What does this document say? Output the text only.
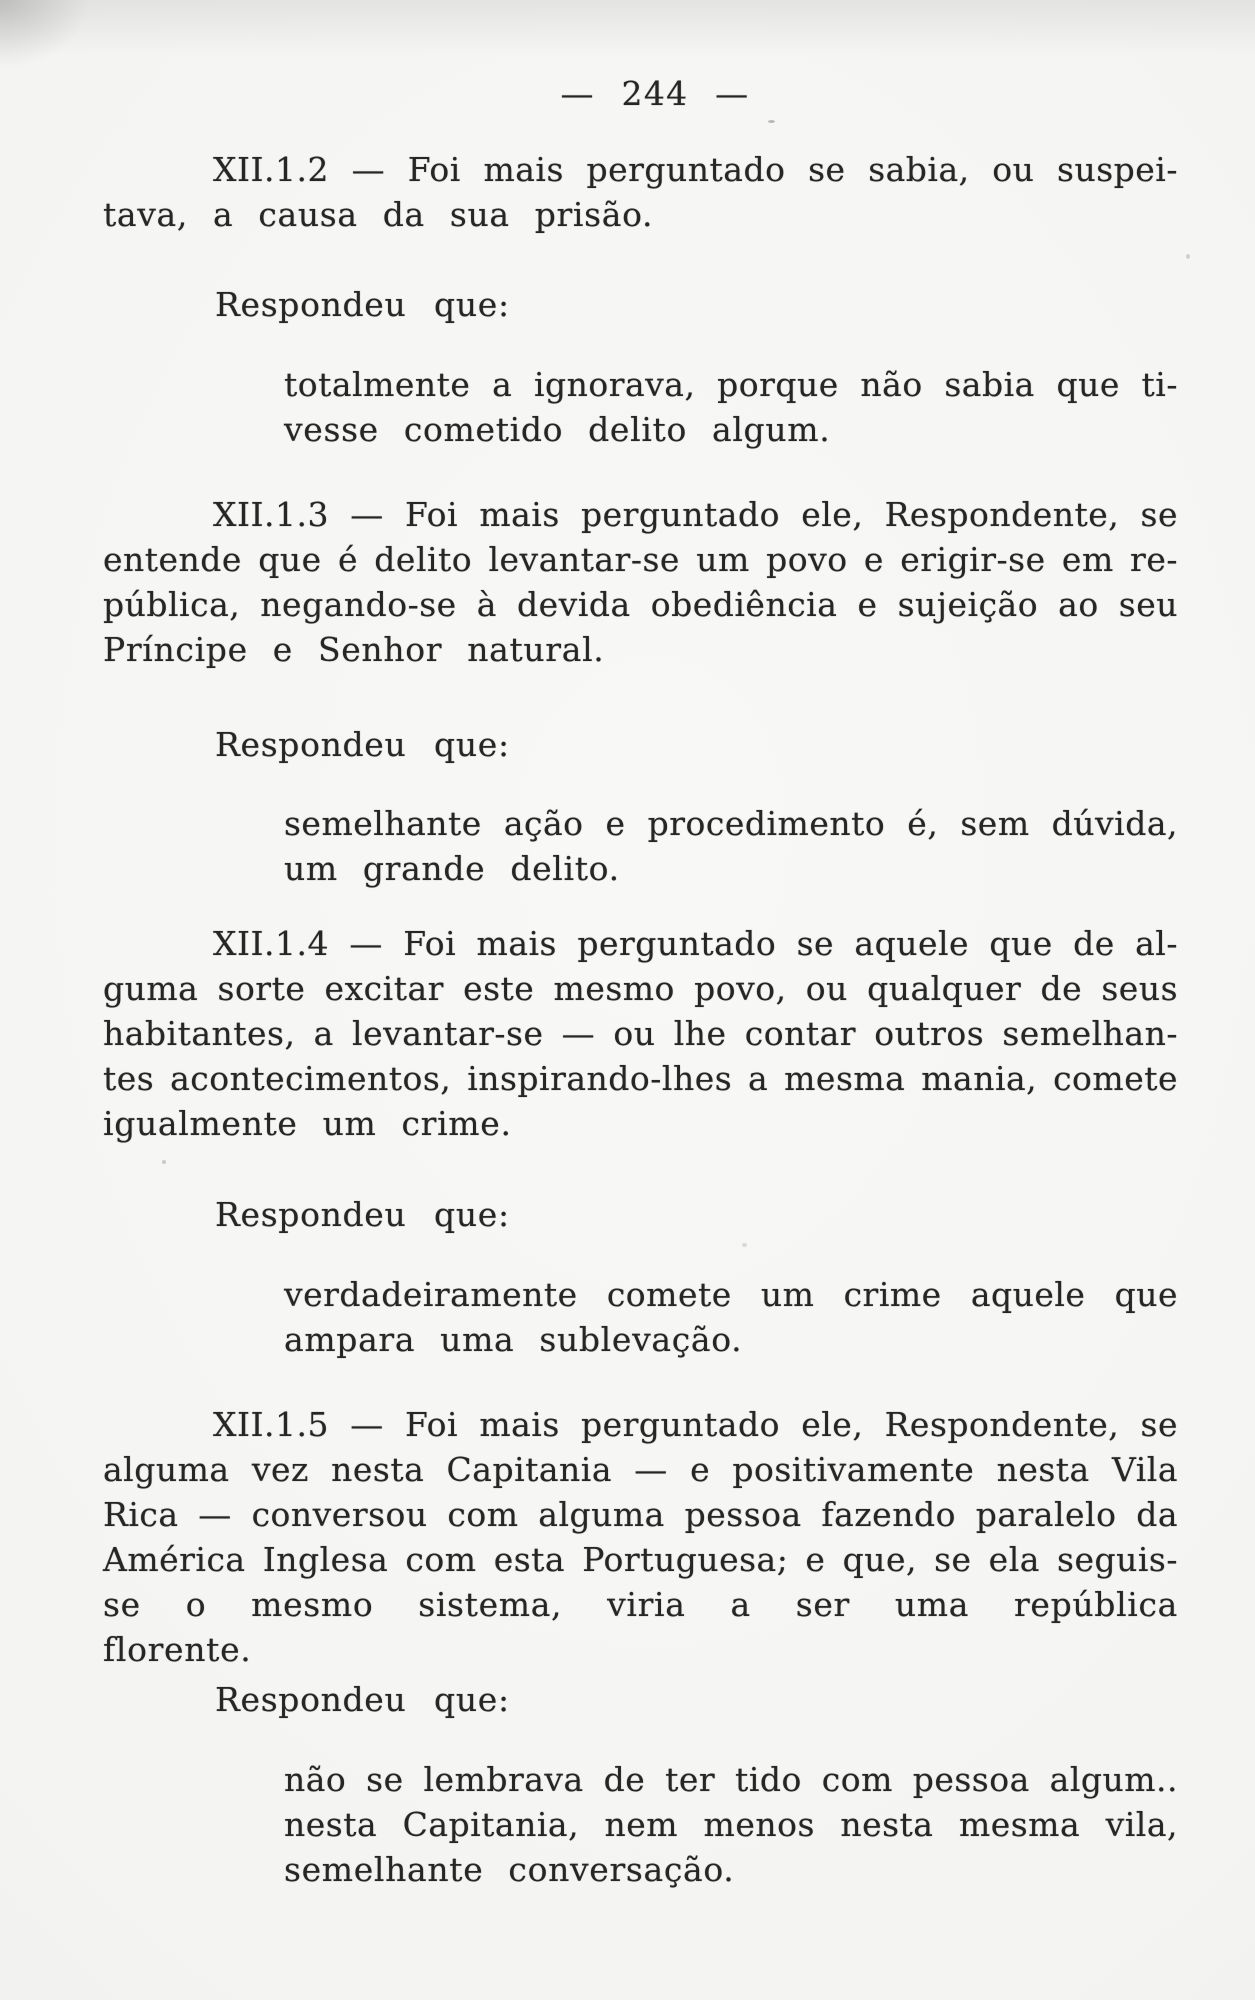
— 244 —
XII.1.2 — Foi mais perguntado se sabia, ou suspei-
tava, a causa da sua prisão.
Respondeu que:
totalmente a ignorava, porque não sabia que ti-
vesse cometido delito algum.
XII.1.3 — Foi mais perguntado ele, Respondente, se
entende que é delito levantar-se um povo e erigir-se em re-
pública, negando-se à devida obediência e sujeição ao seu
Príncipe e Senhor natural.
Respondeu que:
semelhante ação e procedimento é, sem dúvida,
um grande delito.
XII.1.4 — Foi mais perguntado se aquele que de al-
guma sorte excitar este mesmo povo, ou qualquer de seus
habitantes, a levantar-se — ou lhe contar outros semelhan-
tes acontecimentos, inspirando-lhes a mesma mania, comete
igualmente um crime.
Respondeu que:
verdadeiramente comete um crime aquele que
ampara uma sublevação.
XII.1.5 — Foi mais perguntado ele, Respondente, se
alguma vez nesta Capitania — e positivamente nesta Vila
Rica — conversou com alguma pessoa fazendo paralelo da
América Inglesa com esta Portuguesa; e que, se ela seguis-
se o mesmo sistema, viria a ser uma república florente.
Respondeu que:
não se lembrava de ter tido com pessoa algum..
nesta Capitania, nem menos nesta mesma vila,
semelhante conversação.
